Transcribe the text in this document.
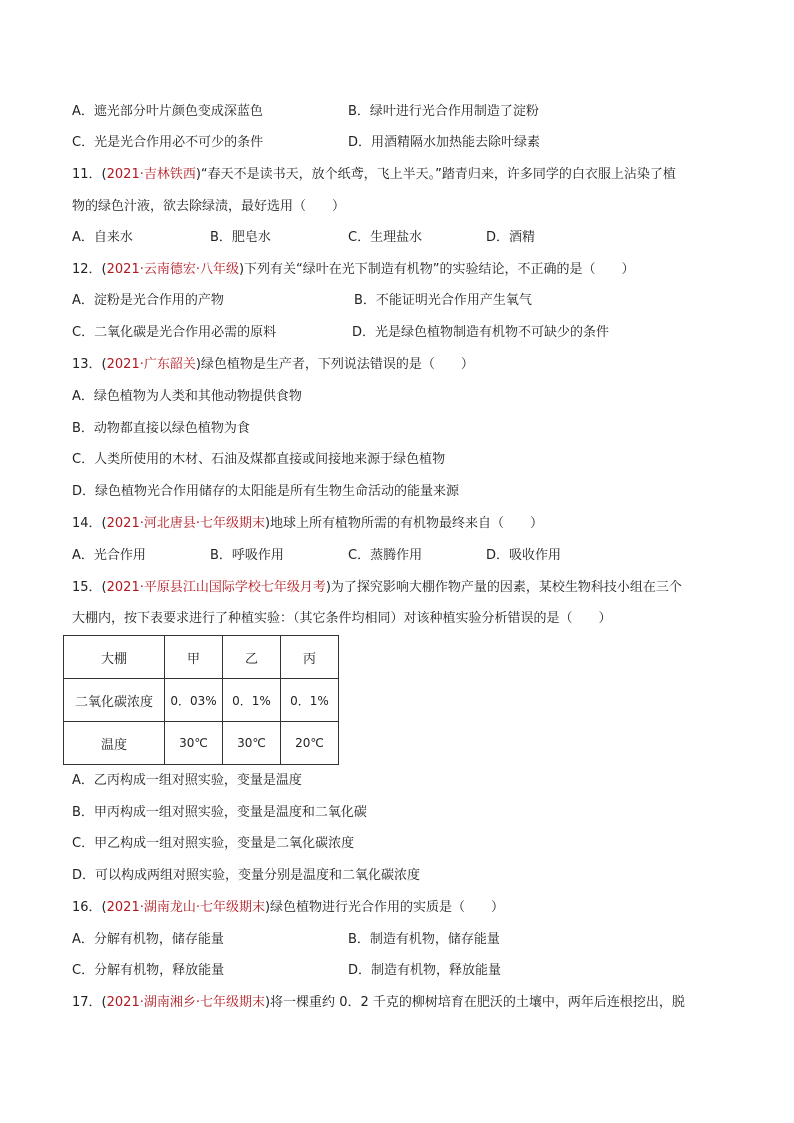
A．遮光部分叶片颜色变成深蓝色	B．绿叶进行光合作用制造了淀粉
C．光是光合作用必不可少的条件	D．用酒精隔水加热能去除叶绿素
11．(2021·吉林铁西)“春天不是读书天，放个纸鸢，飞上半天。”踏青归来，许多同学的白衣服上沾染了植
物的绿色汁液，欲去除绿渍，最好选用（　　）
A．自来水	B．肥皂水	C．生理盐水	D．酒精
12．(2021·云南德宏·八年级)下列有关“绿叶在光下制造有机物”的实验结论，不正确的是（　　）
A．淀粉是光合作用的产物	B．不能证明光合作用产生氧气
C．二氧化碳是光合作用必需的原料	D．光是绿色植物制造有机物不可缺少的条件
13．(2021·广东韶关)绿色植物是生产者，下列说法错误的是（　　）
A．绿色植物为人类和其他动物提供食物
B．动物都直接以绿色植物为食
C．人类所使用的木材、石油及煤都直接或间接地来源于绿色植物
D．绿色植物光合作用储存的太阳能是所有生物生命活动的能量来源
14．(2021·河北唐县·七年级期末)地球上所有植物所需的有机物最终来自（　　）
A．光合作用	B．呼吸作用	C．蒸腾作用	D．吸收作用
15．(2021·平原县江山国际学校七年级月考)为了探究影响大棚作物产量的因素，某校生物科技小组在三个
大棚内，按下表要求进行了种植实验：（其它条件均相同）对该种植实验分析错误的是（　　）
大棚	甲	乙	丙
二氧化碳浓度	0．03%	0．1%	0．1%
温度	30℃	30℃	20℃
A．乙丙构成一组对照实验，变量是温度
B．甲丙构成一组对照实验，变量是温度和二氧化碳
C．甲乙构成一组对照实验，变量是二氧化碳浓度
D．可以构成两组对照实验，变量分别是温度和二氧化碳浓度
16．(2021·湖南龙山·七年级期末)绿色植物进行光合作用的实质是（　　）
A．分解有机物，储存能量	B．制造有机物，储存能量
C．分解有机物，释放能量	D．制造有机物，释放能量
17．(2021·湖南湘乡·七年级期末)将一棵重约 0．2 千克的柳树培育在肥沃的土壤中，两年后连根挖出，脱
